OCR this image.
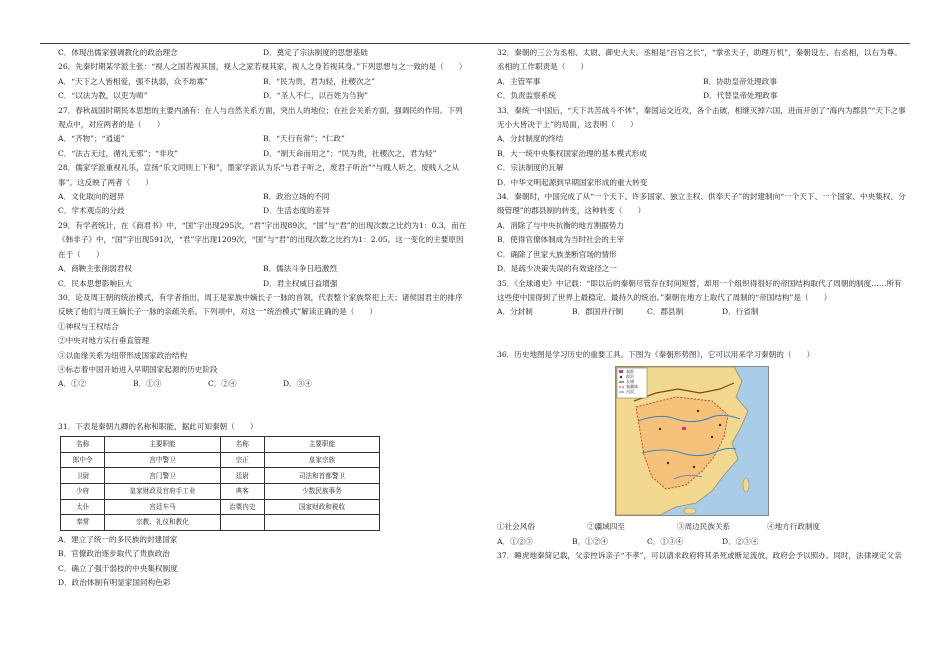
C．体现出儒家强调教化的政治理念	D．奠定了宗法制度的思想基础
26．先秦时期某学派主张：“视人之国若视其国，视人之家若视其家，视人之身若视其身。”下列思想与之一致的是（　　）
A．“天下之人皆相爱，强不执弱，众不劫寡”	B．“民为贵，君为轻，社稷次之”
C．“以法为教，以吏为师”	D．“圣人不仁，以百姓为刍狗”
27．春秋战国时期民本思想的主要内涵有：在人与自然关系方面，突出人的地位；在社会关系方面，强调民的作用。下列观点中，对应两者的是（　　）
A．“齐物”；“逍遥”	B．“天行有常”；“仁政”
C．“法古无过，循礼无邪”；“非攻”	D．“制天命而用之”；“民为贵，社稷次之，君为轻”
28．儒家学派重视礼乐，宣扬“乐文同则上下和”，墨家学派认为乐“与君子听之，废君子听治”“与贱人听之，废贱人之从事”。这反映了两者（　　）
A．文化取向的迥异	B．政治立场的不同
C．学术观点的分歧	D．生活态度的差异
29．有学者统计，在《商君书》中，“国”字出现295次，“君”字出现89次，“国”与“君”的出现次数之比约为1：0.3，而在《韩非子》中，“国”字出现591次，“君”字出现1209次，“国”与“君”的出现次数之比约为1：2.05。这一变化的主要原因在于（　　）
A．商鞅主张削弱君权	B．儒法斗争日趋激烈
C．民本思想影响巨大	D．君主权威日益增强
30．论及周王朝的统治模式，有学者指出，周王是家族中嫡长子一脉的首领，代表整个家族祭祀上天；诸侯国君主的排序反映了他们与周王嫡长子一脉的亲疏关系。下列项中，对这一“统治模式”解读正确的是（　　）
①神权与王权结合
②中央对地方实行垂直管理
③以血缘关系为纽带形成国家政治结构
④标志着中国开始进入早期国家起源的历史阶段
A．①②	B．①③	C．②④	D．③④
31．下表是秦朝九卿的名称和职能，据此可知秦朝（　　）
名称	主要职能	名称	主要职能
郎中令	宫中警卫	宗正	皇家宗族
卫尉	宫门警卫	廷尉	司法和首都警卫
少府	皇家财政及官府手工业	典客	少数民族事务
太仆	宫廷车马	治粟内史	国家财政和税收
奉常	宗教、礼仪和教化		
A．建立了统一的多民族的封建国家
B．官僚政治逐步取代了贵族政治
C．确立了强干弱枝的中央集权制度
D．政治体制有明显家国同构色彩
32．秦朝的三公为丞相、太尉、御史大夫。丞相是“百官之长”，“掌丞天子，助理万机”，秦朝设左、右丞相，以右为尊。丞相的工作职责是（　　）
A．主管军事	B．协助皇帝处理政事
C．负责监察系统	D．代替皇帝处理政事
33．秦统一中国后，“天下共苦战斗不休”，秦国运交近攻，各个击破，相继灭掉六国，进而开创了“海内为郡县”“天下之事无小大皆决于上”的局面，这表明（　　）
A．分封制度的终结
B．大一统中央集权国家治理的基本模式形成
C．宗法制度的瓦解
D．中华文明起源到早期国家形成的重大转变
34．秦朝时，中国完成了从“一个天下、许多国家、独立主权、供奉天子”的封建制向“一个天下、一个国家、中央集权、分级管理”的郡县制的转变，这种转变（　　）
A．消除了与中央抗衡的地方割据势力
B．使得官僚体制成为当时社会的主宰
C．确除了世家大族垄断官场的情形
D．是疏少决策失误的有效途径之一
35．《全球通史》中记载：“即以后的秦朝尽管存在时间短暂，却用一个组织得很好的帝国结构取代了周朝的制度……所有这些使中国得到了世界上最稳定、最持久的统治。”秦朝在地方上取代了周制的“帝国结构”是（　　）
A．分封制	B．郡国并行制	C．郡县制	D．行省制
36．历史地图是学习历史的重要工具。下图为《秦朝形势图》，它可以用来学习秦朝的（　　）
秦都
郡治
长城
秦疆域
河流
①社会风俗	②疆域四至	③周边民族关系	④地方行政制度
A．①②③	B．①②④	C．①③④	D．②③④
37．睡虎地秦简记载，父亲控诉亲子“不孝”，可以请求政府将其杀死或断足流放，政府会予以照办。同时，法律规定父亲
